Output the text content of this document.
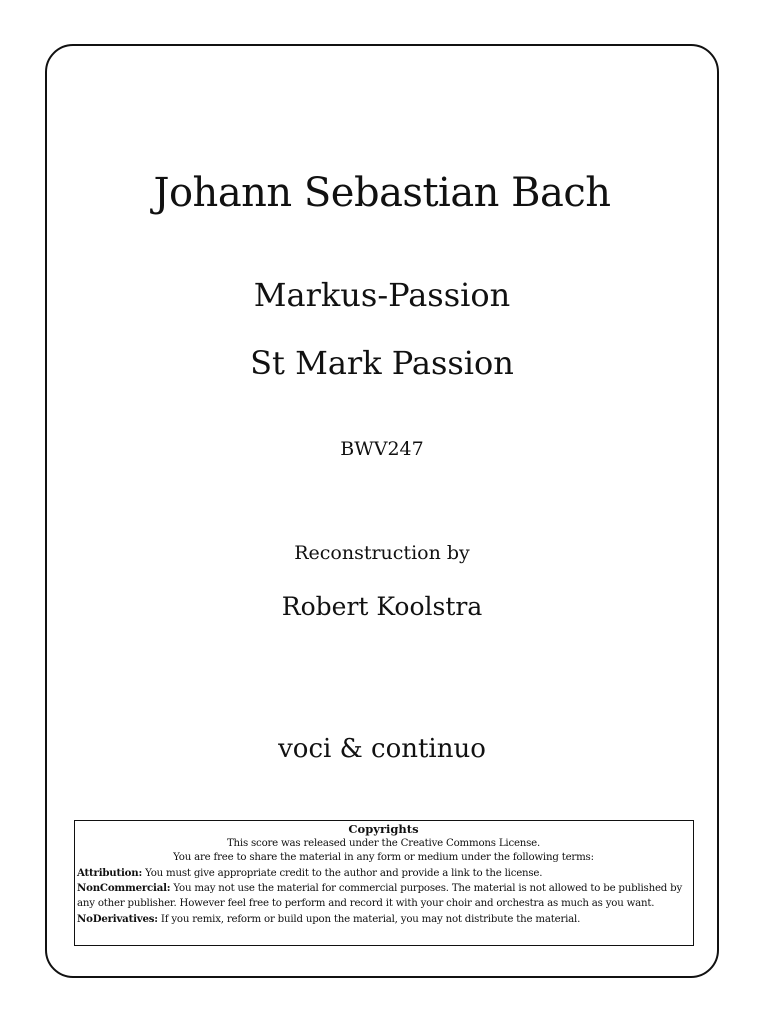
Johann Sebastian Bach
Markus-Passion
St Mark Passion
BWV247
Reconstruction by
Robert Koolstra
voci & continuo
Copyrights
This score was released under the Creative Commons License.
You are free to share the material in any form or medium under the following terms:
Attribution: You must give appropriate credit to the author and provide a link to the license.
NonCommercial: You may not use the material for commercial purposes. The material is not allowed to be published by any other publisher. However feel free to perform and record it with your choir and orchestra as much as you want.
NoDerivatives: If you remix, reform or build upon the material, you may not distribute the material.
